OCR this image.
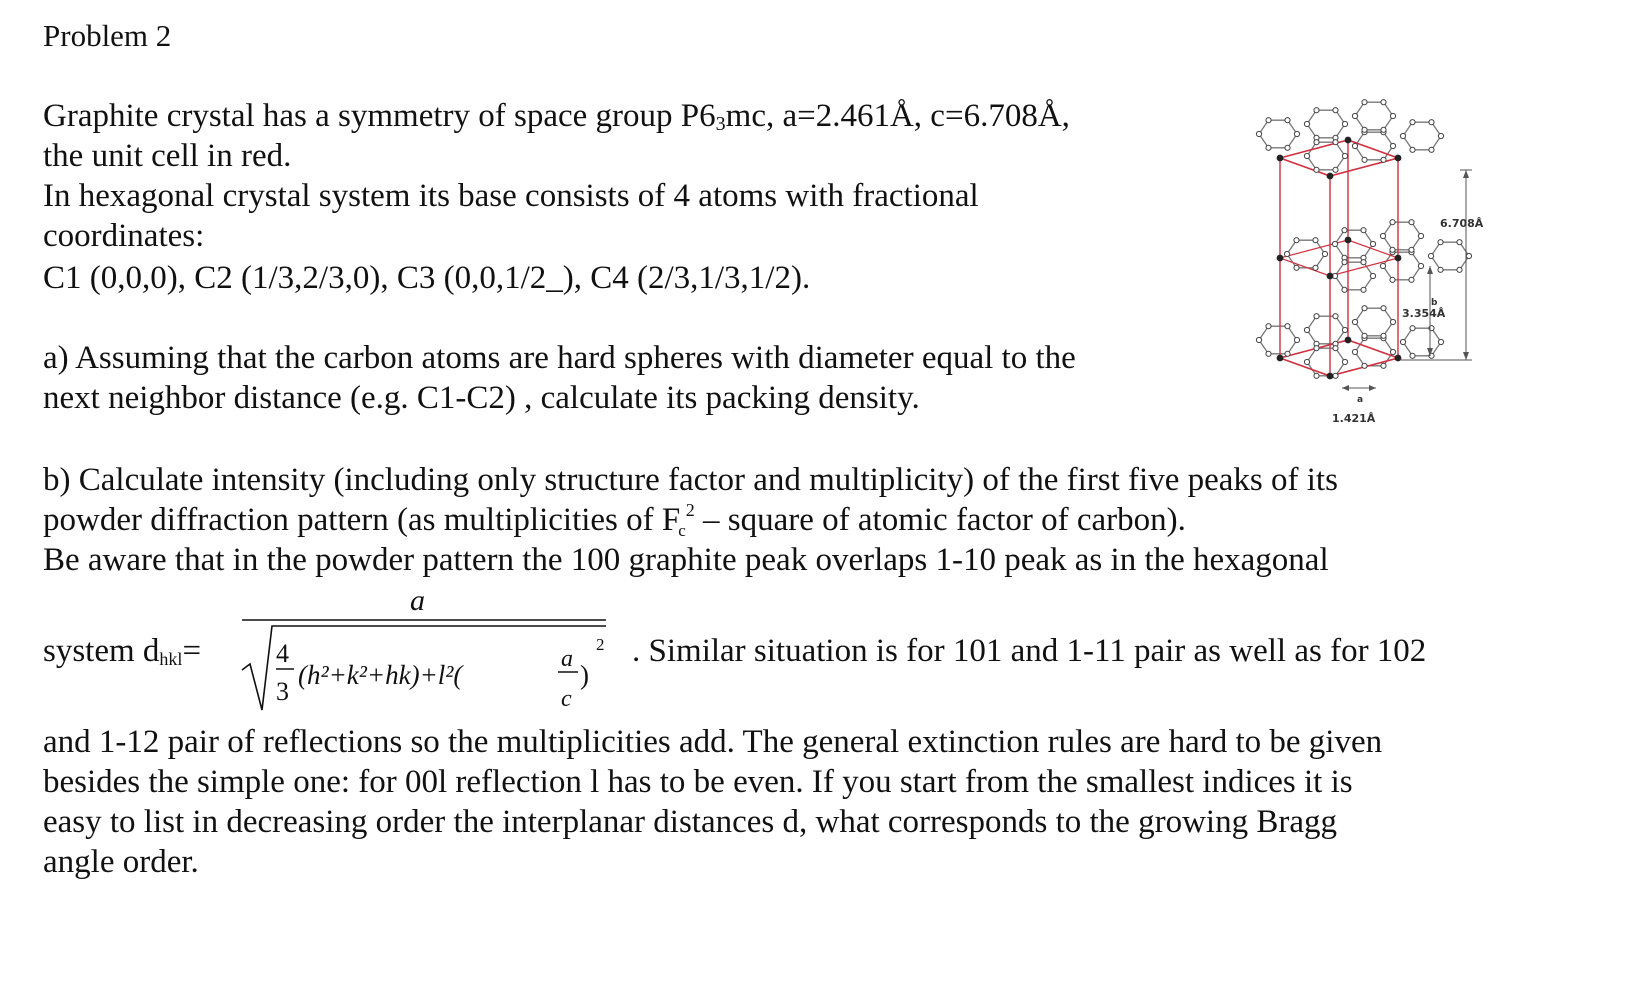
Problem 2
Graphite crystal has a symmetry of space group $P6_3mc$, a=2.461Å, c=6.708Å,
the unit cell in red.
In hexagonal crystal system its base consists of 4 atoms with fractional
coordinates:
C1 (0,0,0), C2 (1/3,2/3,0), C3 (0,0,1/2_), C4 (2/3,1/3,1/2).
a) Assuming that the carbon atoms are hard spheres with diameter equal to the
next neighbor distance (e.g. C1-C2) , calculate its packing density.
b) Calculate intensity (including only structure factor and multiplicity) of the first five peaks of its
powder diffraction pattern (as multiplicities of Fc$^2$ – square of atomic factor of carbon).
Be aware that in the powder pattern the 100 graphite peak overlaps 1-10 peak as in the hexagonal
system $d_{hkl}=$	. Similar situation is for 101 and 1-11 pair as well as for 102
and 1-12 pair of reflections so the multiplicities add. The general extinction rules are hard to be given
besides the simple one: for 00l reflection l has to be even. If you start from the smallest indices it is
easy to list in decreasing order the interplanar distances d, what corresponds to the growing Bragg
angle order.
a
4
3
(h²+k²+hk)+l²(
a
c
)
2
6.708Å
b
3.354Å
a
1.421Å
